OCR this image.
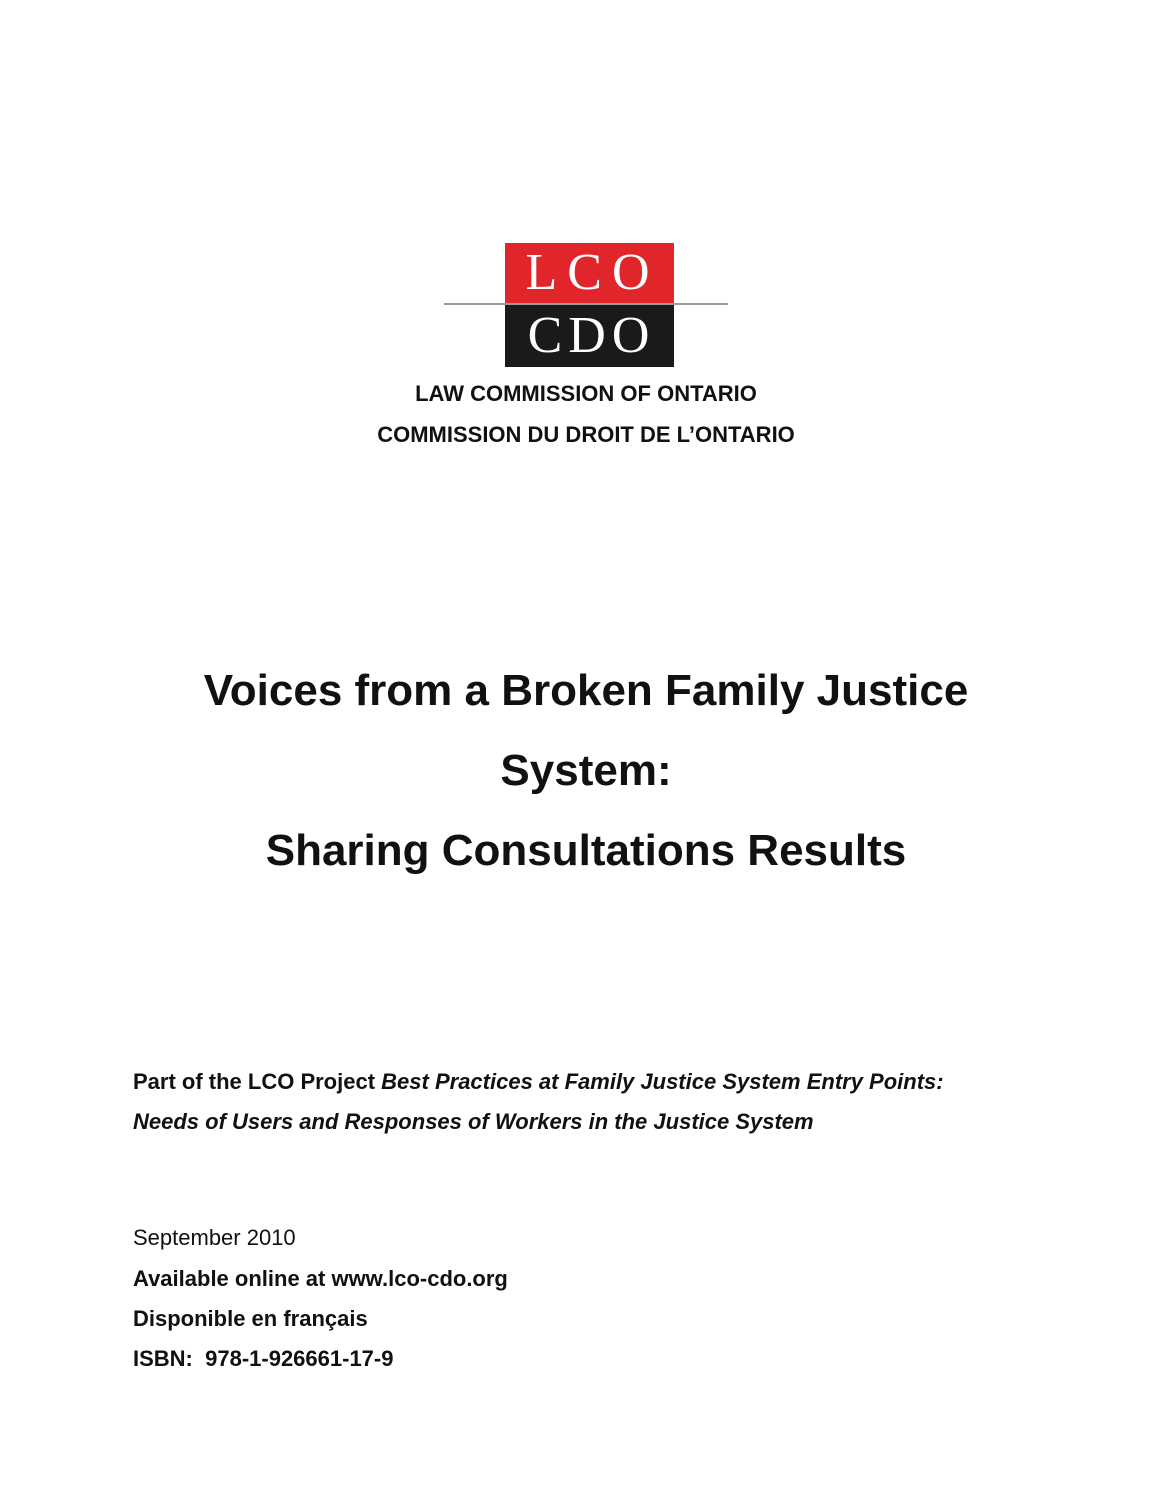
LCO
CDO
LAW COMMISSION OF ONTARIO
COMMISSION DU DROIT DE L’ONTARIO
Voices from a Broken Family Justice
System:
Sharing Consultations Results
Part of the LCO Project Best Practices at Family Justice System Entry Points:
Needs of Users and Responses of Workers in the Justice System
September 2010
Available online at www.lco-cdo.org
Disponible en français
ISBN:  978-1-926661-17-9
